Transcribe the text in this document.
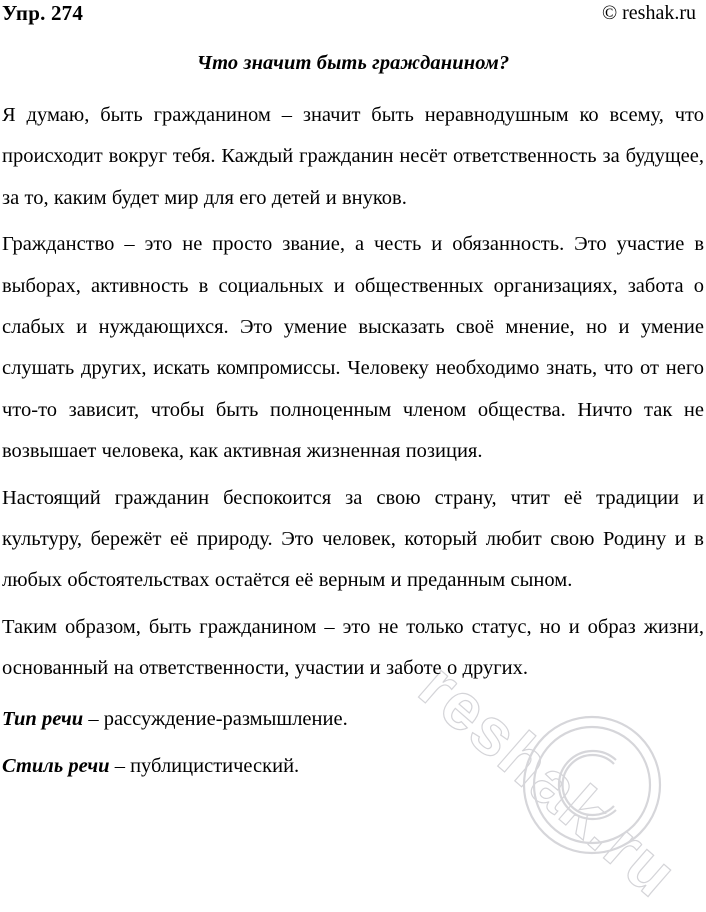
reshak.ru
Упр. 274	© reshak.ru
Что значит быть гражданином?

Я думаю, быть гражданином – значит быть неравнодушным ко всему, что происходит вокруг тебя. Каждый гражданин несёт ответственность за будущее, за то, каким будет мир для его детей и внуков.

Гражданство – это не просто звание, а честь и обязанность. Это участие в выборах, активность в социальных и общественных организациях, забота о слабых и нуждающихся. Это умение высказать своё мнение, но и умение слушать других, искать компромиссы. Человеку необходимо знать, что от него что-то зависит, чтобы быть полноценным членом общества. Ничто так не возвышает человека, как активная жизненная позиция.

Настоящий гражданин беспокоится за свою страну, чтит её традиции и культуру, бережёт её природу. Это человек, который любит свою Родину и в любых обстоятельствах остаётся её верным и преданным сыном.

Таким образом, быть гражданином – это не только статус, но и образ жизни, основанный на ответственности, участии и заботе о других.

Тип речи – рассуждение-размышление.

Стиль речи – публицистический.
